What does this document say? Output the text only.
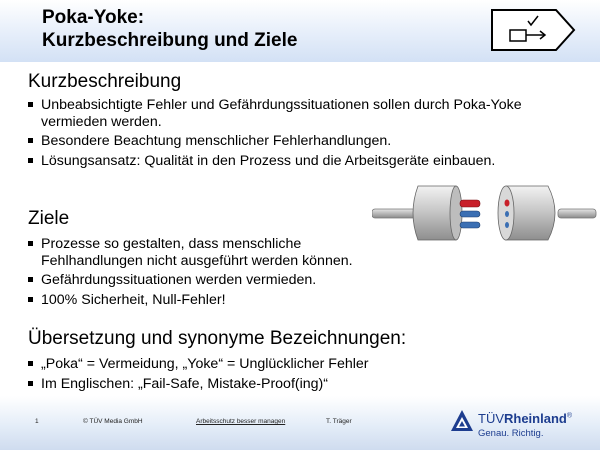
Poka-Yoke:
Kurzbeschreibung und Ziele
Kurzbeschreibung
Unbeabsichtigte Fehler und Gefährdungssituationen sollen durch Poka-Yoke vermieden werden.
Besondere Beachtung menschlicher Fehlerhandlungen.
Lösungsansatz: Qualität in den Prozess und die Arbeitsgeräte einbauen.
Ziele
Prozesse so gestalten, dass menschliche Fehlhandlungen nicht ausgeführt werden können.
Gefährdungssituationen werden vermieden.
100% Sicherheit, Null-Fehler!
Übersetzung und synonyme Bezeichnungen:
„Poka“ = Vermeidung, „Yoke“ = Unglücklicher Fehler
Im Englischen: „Fail-Safe, Mistake-Proof(ing)“
1	© TÜV Media GmbH	Arbeitsschutz besser managen	T. Träger	TÜVRheinland®
Genau. Richtig.
